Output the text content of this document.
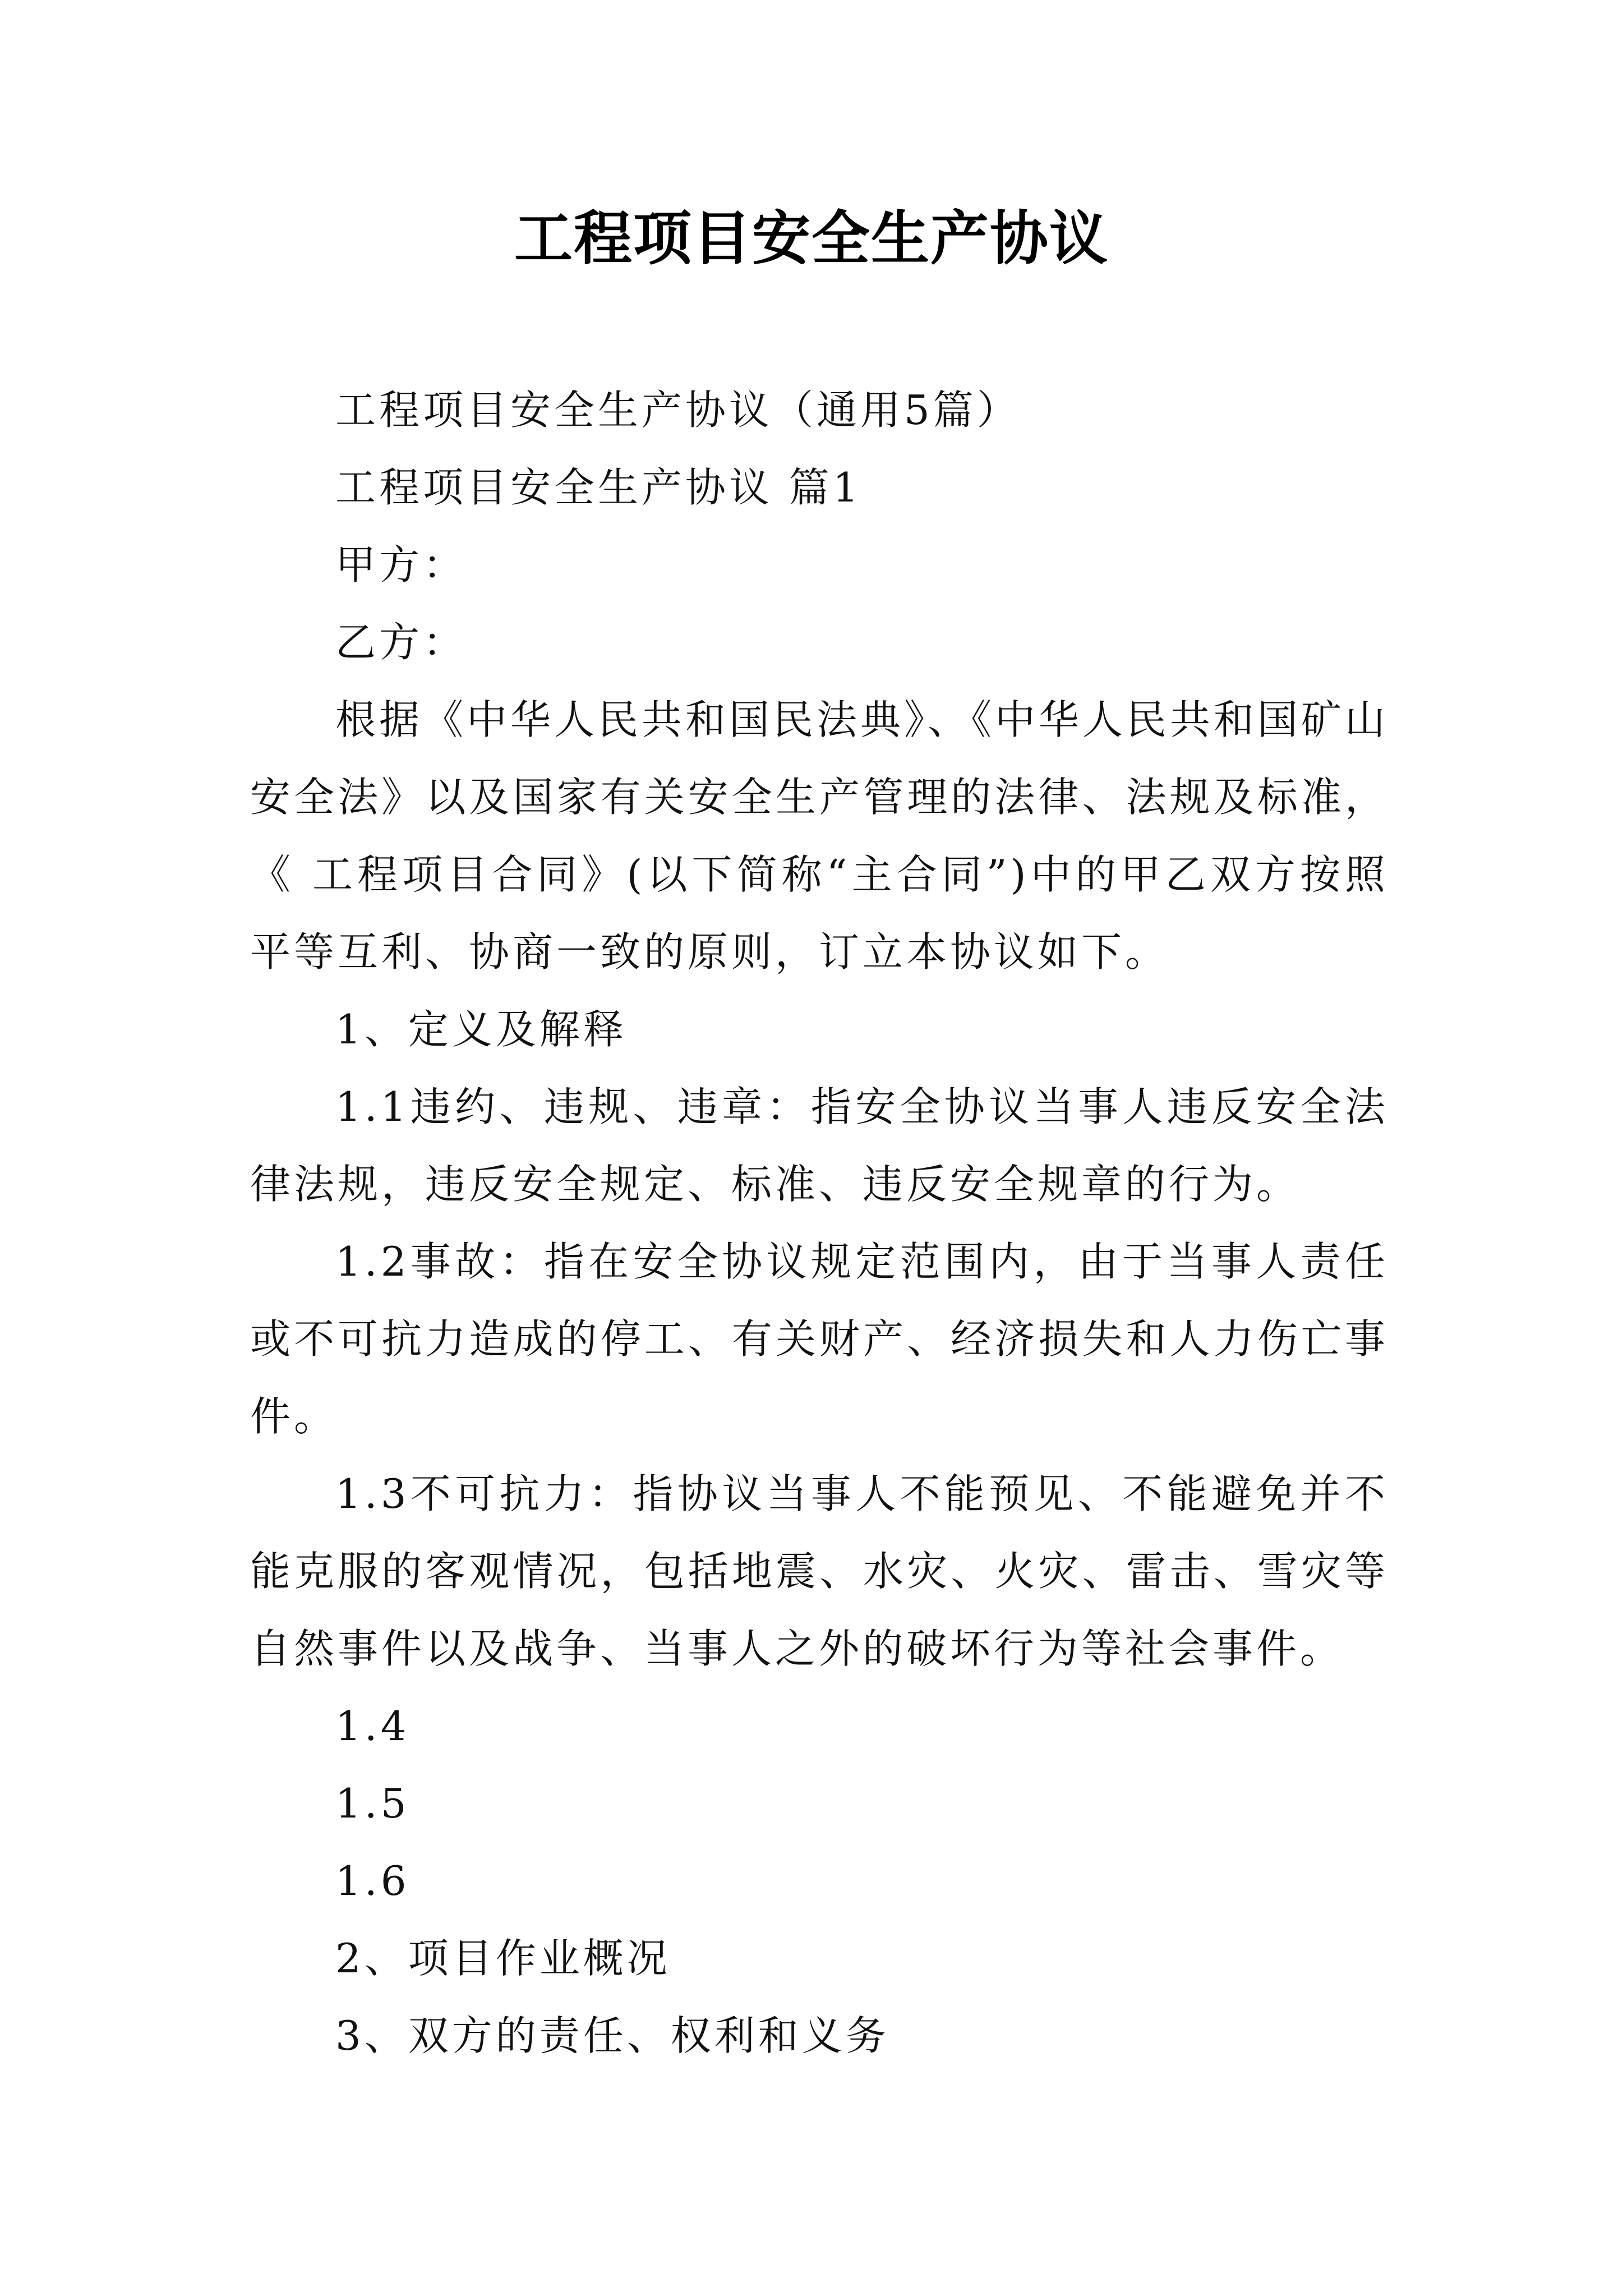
工程项目安全生产协议

工程项目安全生产协议（通用5篇）

工程项目安全生产协议 篇1

甲方：

乙方：

根据《中华人民共和国民法典》、《中华人民共和国矿山安全法》以及国家有关安全生产管理的法律、法规及标准，《 工程项目合同》(以下简称“主合同”)中的甲乙双方按照平等互利、协商一致的原则，订立本协议如下。

1、定义及解释

1.1违约、违规、违章：指安全协议当事人违反安全法律法规，违反安全规定、标准、违反安全规章的行为。

1.2事故：指在安全协议规定范围内，由于当事人责任或不可抗力造成的停工、有关财产、经济损失和人力伤亡事件。

1.3不可抗力：指协议当事人不能预见、不能避免并不能克服的客观情况，包括地震、水灾、火灾、雷击、雪灾等自然事件以及战争、当事人之外的破坏行为等社会事件。

1.4

1.5

1.6

2、项目作业概况

3、双方的责任、权利和义务
